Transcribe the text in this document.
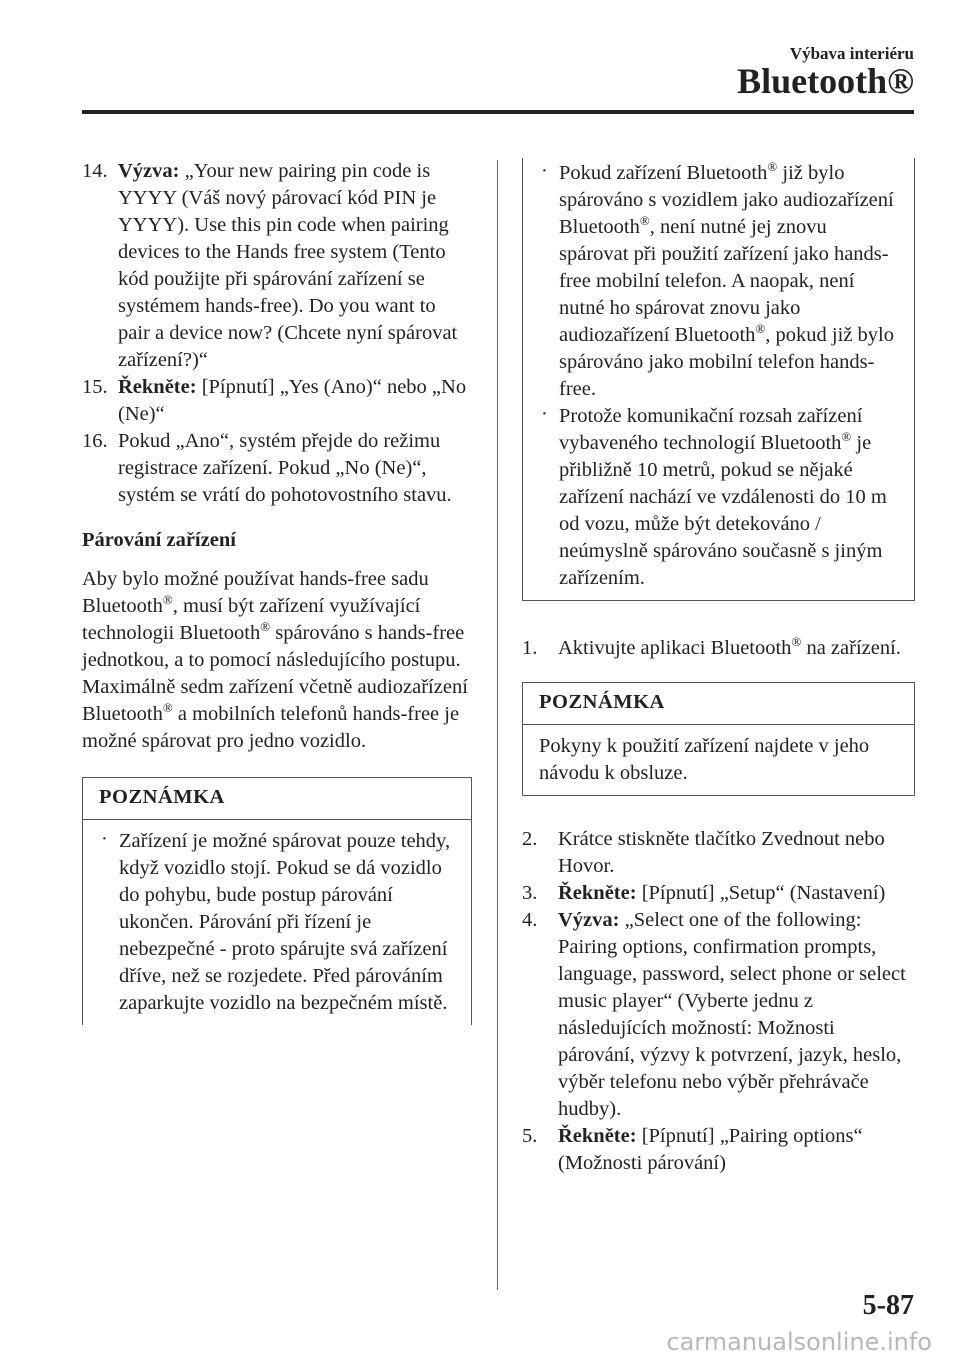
Výbava interiéru
Bluetooth®
14. Výzva: „Your new pairing pin code is YYYY (Váš nový párovací kód PIN je YYYY). Use this pin code when pairing devices to the Hands free system (Tento kód použijte při spárování zařízení se systémem hands-free). Do you want to pair a device now? (Chcete nyní spárovat zařízení?)“
15. Řekněte: [Pípnutí] „Yes (Ano)“ nebo „No (Ne)“
16. Pokud „Ano“, systém přejde do režimu registrace zařízení. Pokud „No (Ne)“, systém se vrátí do pohotovostního stavu.

Párování zařízení

Aby bylo možné používat hands-free sadu Bluetooth®, musí být zařízení využívající technologii Bluetooth® spárováno s hands-free jednotkou, a to pomocí následujícího postupu.

Maximálně sedm zařízení včetně audiozařízení Bluetooth® a mobilních telefonů hands-free je možné spárovat pro jedno vozidlo.

POZNÁMKA
· Zařízení je možné spárovat pouze tehdy, když vozidlo stojí. Pokud se dá vozidlo do pohybu, bude postup párování ukončen. Párování při řízení je nebezpečné - proto spárujte svá zařízení dříve, než se rozjedete. Před párováním zaparkujte vozidlo na bezpečném místě.
· Pokud zařízení Bluetooth® již bylo spárováno s vozidlem jako audiozařízení Bluetooth®, není nutné jej znovu spárovat při použití zařízení jako hands-free mobilní telefon. A naopak, není nutné ho spárovat znovu jako audiozařízení Bluetooth®, pokud již bylo spárováno jako mobilní telefon hands-free.
· Protože komunikační rozsah zařízení vybaveného technologií Bluetooth® je přibližně 10 metrů, pokud se nějaké zařízení nachází ve vzdálenosti do 10 m od vozu, může být detekováno / neúmyslně spárováno současně s jiným zařízením.
1. Aktivujte aplikaci Bluetooth® na zařízení.
POZNÁMKA
Pokyny k použití zařízení najdete v jeho návodu k obsluze.
2. Krátce stiskněte tlačítko Zvednout nebo Hovor.
3. Řekněte: [Pípnutí] „Setup“ (Nastavení)
4. Výzva: „Select one of the following: Pairing options, confirmation prompts, language, password, select phone or select music player“ (Vyberte jednu z následujících možností: Možnosti párování, výzvy k potvrzení, jazyk, heslo, výběr telefonu nebo výběr přehrávače hudby).
5. Řekněte: [Pípnutí] „Pairing options“ (Možnosti párování)
5-87
carmanualsonline.info
